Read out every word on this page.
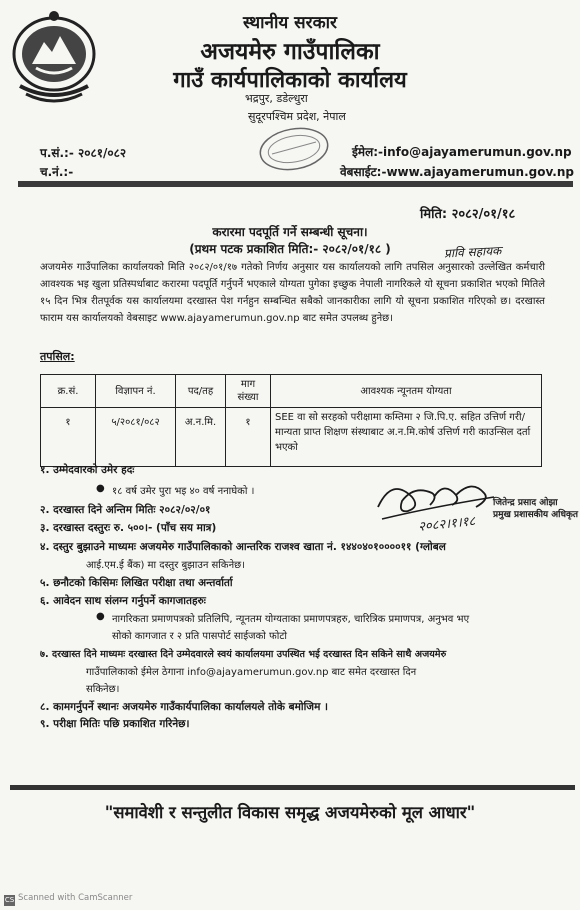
स्थानीय सरकार
अजयमेरु गाउँपालिका
गाउँ कार्यपालिकाको कार्यालय
भद्रपुर, डडेल्धुरा
सुदूरपश्चिम प्रदेश, नेपाल
प.सं.:- २०८१/०८२
च.नं.:-
ईमेल:-info@ajayamerumun.gov.np
वेबसाईट:-www.ajayamerumun.gov.np
मिति: २०८२/०१/१८
करारमा पदपूर्ति गर्ने सम्बन्धी सूचना।
(प्रथम पटक प्रकाशित मिति:- २०८२/०१/१८ )	प्रावि सहायक
अजयमेरु गाउँपालिका कार्यालयको मिति २०८२/०१/१७ गतेको निर्णय अनुसार यस कार्यालयको लागि तपसिल अनुसारको उल्लेखित कर्मचारी आवश्यक भइ खुला प्रतिस्पर्धाबाट करारमा पदपूर्ति गर्नुपर्ने भएकाले योग्यता पुगेका इच्छुक नेपाली नागरिकले यो सूचना प्रकाशित भएको मितिले १५ दिन भित्र रीतपूर्वक यस कार्यालयमा दरखास्त पेश गर्नहुन सम्बन्धित सबैको जानकारीका लागि यो सूचना प्रकाशित गरिएको छ। दरखास्त फाराम यस कार्यालयको वेबसाइट www.ajayamerumun.gov.np बाट समेत उपलब्ध हुनेछ।
तपसिल:
क्र.सं.	विज्ञापन नं.	पद/तह	माग संख्या	आवश्यक न्यूनतम योग्यता
१	५/२०८१/०८२	अ.न.मि.	१	SEE वा सो सरहको परीक्षामा कम्तिमा २ जि.पि.ए. सहित उत्तिर्ण गरी/मान्यता प्राप्त शिक्षण संस्थाबाट अ.न.मि.कोर्ष उत्तिर्ण गरी काउन्सिल दर्ता भएको
१. उम्मेदवारको उमेर हदः
● १८ वर्ष उमेर पुरा भइ ४० वर्ष ननाघेको ।
२. दरखास्त दिने अन्तिम मितिः २०८२/०२/०१
३. दरखास्त दस्तुरः रु. ५००।- (पाँच सय मात्र)
४. दस्तुर बुझाउने माध्यमः अजयमेरु गाउँपालिकाको आन्तरिक राजश्व खाता नं. १४४०४०१००००११ (ग्लोबल
आई.एम.ई बैंक) मा दस्तुर बुझाउन सकिनेछ।
५. छनौटको किसिमः लिखित परीक्षा तथा अन्तर्वार्ता
६. आवेदन साथ संलग्न गर्नुपर्ने कागजातहरुः
● नागरिकता प्रमाणपत्रको प्रतिलिपि, न्यूनतम योग्यताका प्रमाणपत्रहरु, चारित्रिक प्रमाणपत्र, अनुभव भए
सोको कागजात र २ प्रति पासपोर्ट साईजको फोटो
७. दरखास्त दिने माध्यमः दरखास्त दिने उम्मेदवारले स्वयं कार्यालयमा उपस्थित भई दरखास्त दिन सकिने साथै अजयमेरु
गाउँपालिकाको ईमेल ठेगाना info@ajayamerumun.gov.np बाट समेत दरखास्त दिन
सकिनेछ।
८. कामगर्नुपर्ने स्थानः अजयमेरु गाउँकार्यपालिका कार्यालयले तोके बमोजिम ।
९. परीक्षा मितिः पछि प्रकाशित गरिनेछ।
२०८२।१।१८
जितेन्द्र प्रसाद ओझा
प्रमुख प्रशासकीय अधिकृत
"समावेशी र सन्तुलीत विकास समृद्ध अजयमेरुको मूल आधार"
CS Scanned with CamScanner
